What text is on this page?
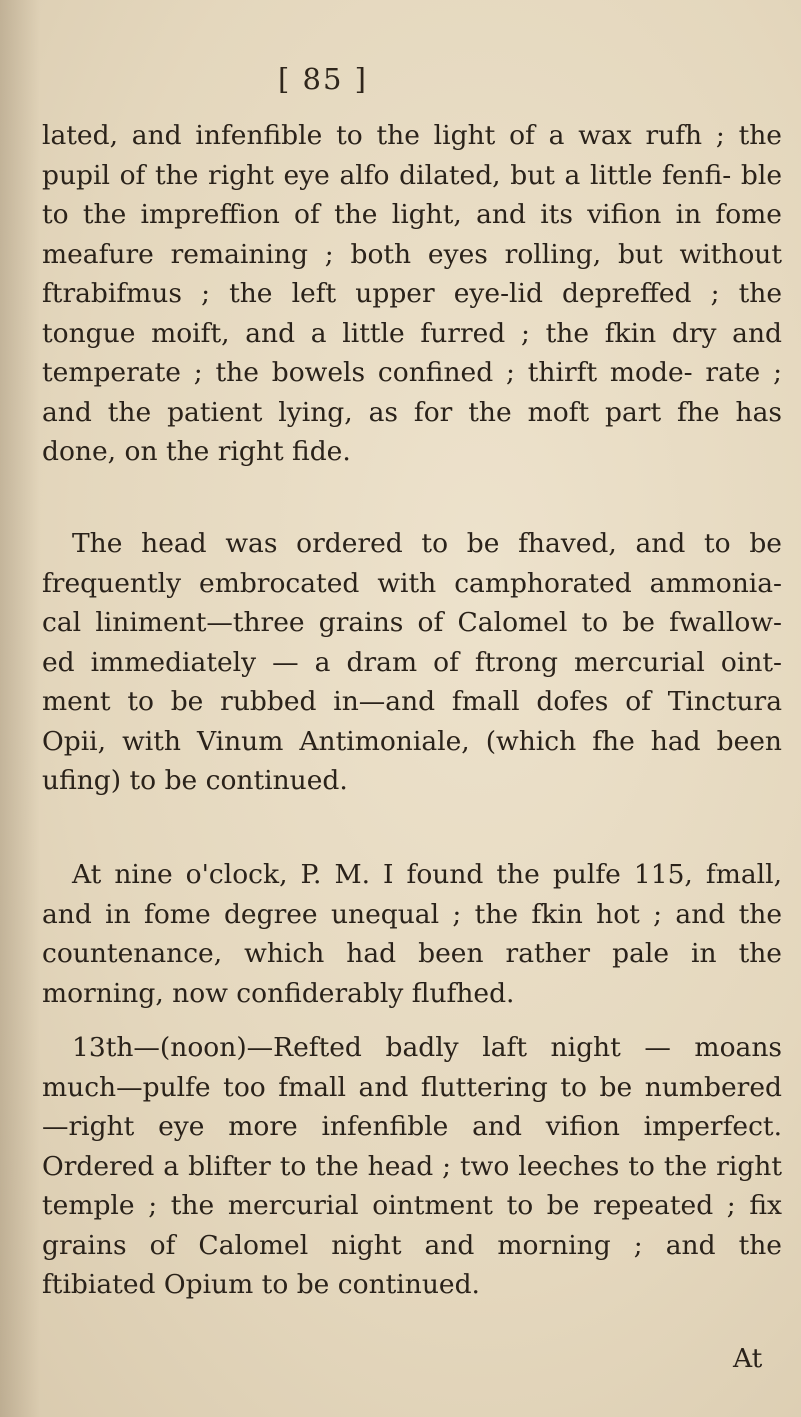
[ 85 ]

lated, and infenfible to the light of a wax rufh ; the pupil of the right eye alfo dilated, but a little fenfi- ble to the impreffion of the light, and its vifion in fome meafure remaining ; both eyes rolling, but without ftrabifmus ; the left upper eye-lid depreffed ; the tongue moift, and a little furred ; the fkin dry and temperate ; the bowels confined ; thirft mode- rate ; and the patient lying, as for the moft part fhe has done, on the right fide.

The head was ordered to be fhaved, and to be frequently embrocated with camphorated ammonia- cal liniment—three grains of Calomel to be fwallow- ed immediately — a dram of ftrong mercurial oint- ment to be rubbed in—and fmall dofes of Tinctura Opii, with Vinum Antimoniale, (which fhe had been ufing) to be continued.

At nine o'clock, P. M. I found the pulfe 115, fmall, and in fome degree unequal ; the fkin hot ; and the countenance, which had been rather pale in the morning, now confiderably flufhed.

13th—(noon)—Refted badly laft night — moans much—pulfe too fmall and fluttering to be numbered —right eye more infenfible and vifion imperfect. Ordered a blifter to the head ; two leeches to the right temple ; the mercurial ointment to be repeated ; fix grains of Calomel night and morning ; and the ftibiated Opium to be continued.

At
